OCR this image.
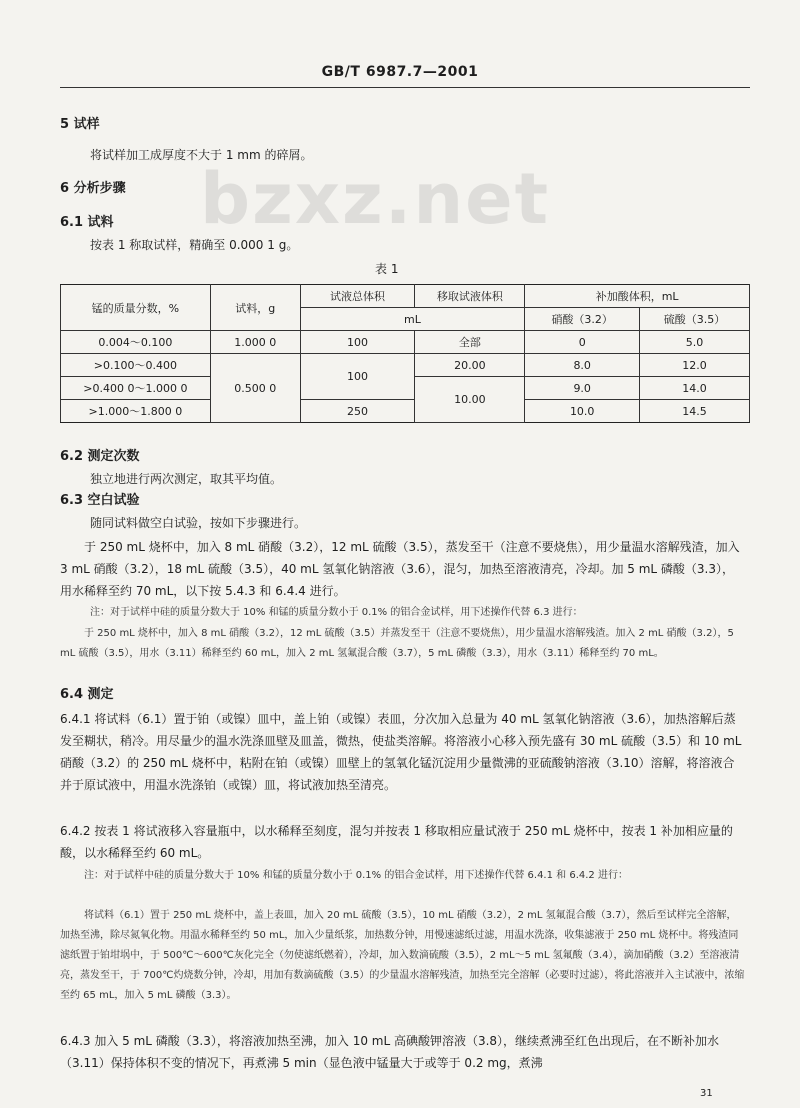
GB/T 6987.7—2001
bzxz.net
5 试样
将试样加工成厚度不大于 1 mm 的碎屑。
6 分析步骤
6.1 试料
按表 1 称取试样，精确至 0.000 1 g。
表 1
锰的质量分数，%	试料，g	试液总体积	移取试液体积	补加酸体积，mL	
		mL		硝酸（3.2）	硫酸（3.5）
0.004～0.100	1.000 0	100	全部	0	5.0
>0.100～0.400	0.500 0	100	20.00	8.0	12.0
>0.400 0～1.000 0			10.00	9.0	14.0
>1.000～1.800 0		250		10.0	14.5
6.2 测定次数
独立地进行两次测定，取其平均值。
6.3 空白试验
随同试料做空白试验，按如下步骤进行。
于 250 mL 烧杯中，加入 8 mL 硝酸（3.2），12 mL 硫酸（3.5），蒸发至干（注意不要烧焦），用少量温水溶解残渣，加入 3 mL 硝酸（3.2），18 mL 硫酸（3.5），40 mL 氢氧化钠溶液（3.6），混匀，加热至溶液清亮，冷却。加 5 mL 磷酸（3.3），用水稀释至约 70 mL，以下按 5.4.3 和 6.4.4 进行。
注：对于试样中硅的质量分数大于 10% 和锰的质量分数小于 0.1% 的铝合金试样，用下述操作代替 6.3 进行：
于 250 mL 烧杯中，加入 8 mL 硝酸（3.2），12 mL 硫酸（3.5）并蒸发至干（注意不要烧焦），用少量温水溶解残渣。加入 2 mL 硝酸（3.2），5 mL 硫酸（3.5），用水（3.11）稀释至约 60 mL，加入 2 mL 氢氟混合酸（3.7），5 mL 磷酸（3.3），用水（3.11）稀释至约 70 mL。
6.4 测定
6.4.1 将试料（6.1）置于铂（或镍）皿中，盖上铂（或镍）表皿，分次加入总量为 40 mL 氢氧化钠溶液（3.6），加热溶解后蒸发至糊状，稍冷。用尽量少的温水洗涤皿壁及皿盖，微热，使盐类溶解。将溶液小心移入预先盛有 30 mL 硫酸（3.5）和 10 mL 硝酸（3.2）的 250 mL 烧杯中，粘附在铂（或镍）皿壁上的氢氧化锰沉淀用少量微沸的亚硫酸钠溶液（3.10）溶解，将溶液合并于原试液中，用温水洗涤铂（或镍）皿，将试液加热至清亮。
6.4.2 按表 1 将试液移入容量瓶中，以水稀释至刻度，混匀并按表 1 移取相应量试液于 250 mL 烧杯中，按表 1 补加相应量的酸，以水稀释至约 60 mL。
注：对于试样中硅的质量分数大于 10% 和锰的质量分数小于 0.1% 的铝合金试样，用下述操作代替 6.4.1 和 6.4.2 进行：
将试料（6.1）置于 250 mL 烧杯中，盖上表皿，加入 20 mL 硫酸（3.5），10 mL 硝酸（3.2），2 mL 氢氟混合酸（3.7），然后至试样完全溶解，加热至沸，除尽氮氧化物。用温水稀释至约 50 mL，加入少量纸浆，加热数分钟，用慢速滤纸过滤，用温水洗涤，收集滤液于 250 mL 烧杯中。将残渣同滤纸置于铂坩埚中，于 500℃～600℃灰化完全（勿使滤纸燃着），冷却，加入数滴硫酸（3.5），2 mL～5 mL 氢氟酸（3.4），滴加硝酸（3.2）至溶液清亮，蒸发至干，于 700℃灼烧数分钟，冷却，用加有数滴硫酸（3.5）的少量温水溶解残渣，加热至完全溶解（必要时过滤），将此溶液并入主试液中，浓缩至约 65 mL，加入 5 mL 磷酸（3.3）。
6.4.3 加入 5 mL 磷酸（3.3），将溶液加热至沸，加入 10 mL 高碘酸钾溶液（3.8），继续煮沸至红色出现后，在不断补加水（3.11）保持体积不变的情况下，再煮沸 5 min（显色液中锰量大于或等于 0.2 mg，煮沸
31
